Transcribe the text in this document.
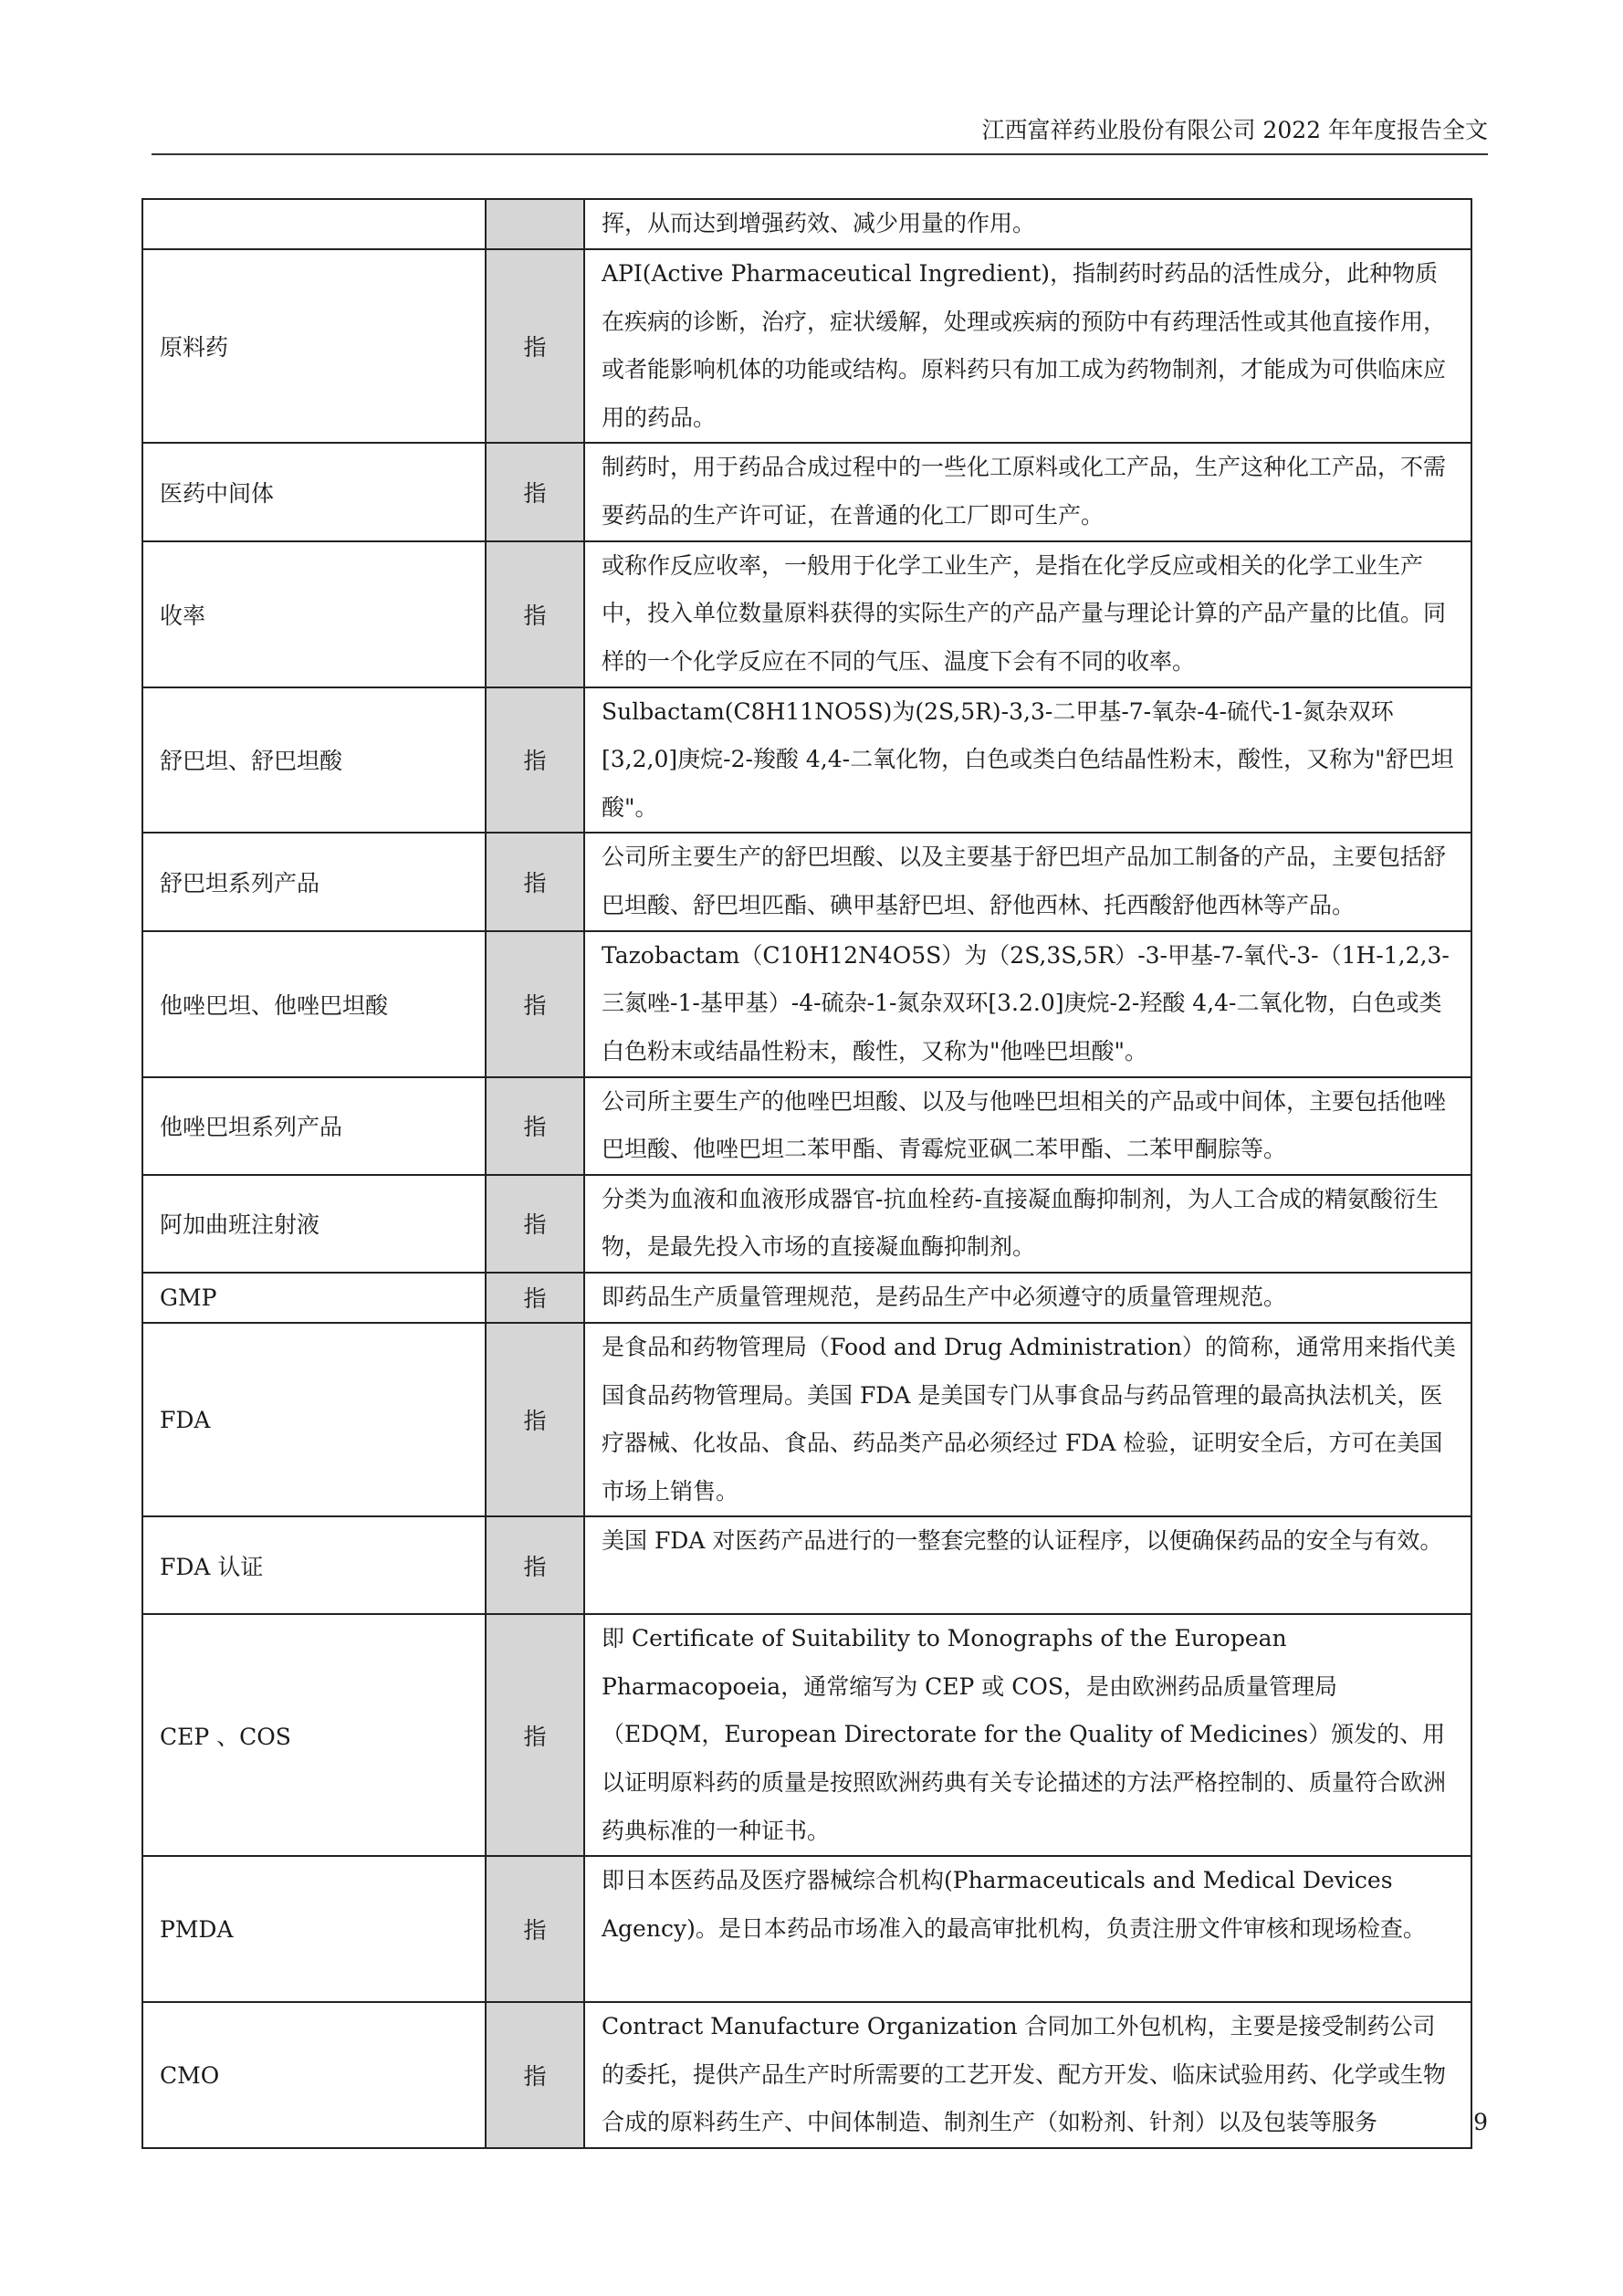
江西富祥药业股份有限公司 2022 年年度报告全文
		挥，从而达到增强药效、减少用量的作用。
原料药	指	API(Active Pharmaceutical Ingredient)，指制药时药品的活性成分，此种物质在疾病的诊断，治疗，症状缓解，处理或疾病的预防中有药理活性或其他直接作用，或者能影响机体的功能或结构。原料药只有加工成为药物制剂，才能成为可供临床应用的药品。
医药中间体	指	制药时，用于药品合成过程中的一些化工原料或化工产品，生产这种化工产品，不需要药品的生产许可证，在普通的化工厂即可生产。
收率	指	或称作反应收率，一般用于化学工业生产，是指在化学反应或相关的化学工业生产中，投入单位数量原料获得的实际生产的产品产量与理论计算的产品产量的比值。同样的一个化学反应在不同的气压、温度下会有不同的收率。
舒巴坦、舒巴坦酸	指	Sulbactam(C8H11NO5S)为(2S,5R)-3,3-二甲基-7-氧杂-4-硫代-1-氮杂双环[3,2,0]庚烷-2-羧酸 4,4-二氧化物，白色或类白色结晶性粉末，酸性，又称为"舒巴坦酸"。
舒巴坦系列产品	指	公司所主要生产的舒巴坦酸、以及主要基于舒巴坦产品加工制备的产品，主要包括舒巴坦酸、舒巴坦匹酯、碘甲基舒巴坦、舒他西林、托西酸舒他西林等产品。
他唑巴坦、他唑巴坦酸	指	Tazobactam（C10H12N4O5S）为（2S,3S,5R）-3-甲基-7-氧代-3-（1H-1,2,3-三氮唑-1-基甲基）-4-硫杂-1-氮杂双环[3.2.0]庚烷-2-羟酸 4,4-二氧化物，白色或类白色粉末或结晶性粉末，酸性，又称为"他唑巴坦酸"。
他唑巴坦系列产品	指	公司所主要生产的他唑巴坦酸、以及与他唑巴坦相关的产品或中间体，主要包括他唑巴坦酸、他唑巴坦二苯甲酯、青霉烷亚砜二苯甲酯、二苯甲酮腙等。
阿加曲班注射液	指	分类为血液和血液形成器官-抗血栓药-直接凝血酶抑制剂，为人工合成的精氨酸衍生物，是最先投入市场的直接凝血酶抑制剂。
GMP	指	即药品生产质量管理规范，是药品生产中必须遵守的质量管理规范。
FDA	指	是食品和药物管理局（Food and Drug Administration）的简称，通常用来指代美国食品药物管理局。美国 FDA 是美国专门从事食品与药品管理的最高执法机关，医疗器械、化妆品、食品、药品类产品必须经过 FDA 检验，证明安全后，方可在美国市场上销售。
FDA 认证	指	美国 FDA 对医药产品进行的一整套完整的认证程序，以便确保药品的安全与有效。
CEP 、COS	指	即 Certificate of Suitability to Monographs of the European Pharmacopoeia，通常缩写为 CEP 或 COS，是由欧洲药品质量管理局（EDQM，European Directorate for the Quality of Medicines）颁发的、用以证明原料药的质量是按照欧洲药典有关专论描述的方法严格控制的、质量符合欧洲药典标准的一种证书。
PMDA	指	即日本医药品及医疗器械综合机构(Pharmaceuticals and Medical Devices Agency)。是日本药品市场准入的最高审批机构，负责注册文件审核和现场检查。
CMO	指	Contract Manufacture Organization 合同加工外包机构，主要是接受制药公司的委托，提供产品生产时所需要的工艺开发、配方开发、临床试验用药、化学或生物合成的原料药生产、中间体制造、制剂生产（如粉剂、针剂）以及包装等服务	9
